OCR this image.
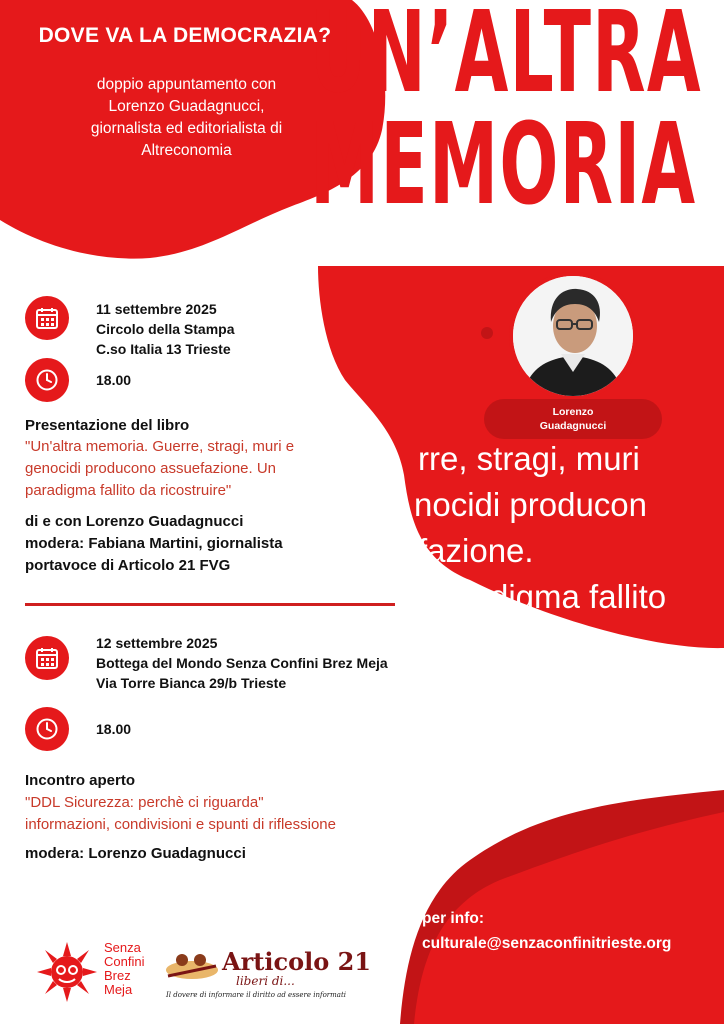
UN’ALTRA
MEMORIA
rre, stragi, muri
nocidi producon
fazione.
digma fallito
DOVE VA LA DEMOCRAZIA?
doppio appuntamento con
Lorenzo Guadagnucci,
giornalista ed editorialista di
Altreconomia
Lorenzo
Guadagnucci
11 settembre 2025
Circolo della Stampa
C.so Italia 13 Trieste
18.00
Presentazione del libro
"Un'altra memoria. Guerre, stragi, muri e
genocidi producono assuefazione. Un
paradigma fallito da ricostruire"
di e con Lorenzo Guadagnucci
modera: Fabiana Martini, giornalista
portavoce di Articolo 21 FVG
12 settembre 2025
Bottega del Mondo Senza Confini Brez Meja
Via Torre Bianca 29/b Trieste
18.00
Incontro aperto
"DDL Sicurezza: perchè ci riguarda"
informazioni, condivisioni e spunti di riflessione
modera: Lorenzo Guadagnucci
per info:
culturale@senzaconfinitrieste.org
Senza
Confini
Brez
Meja
Articolo 21
liberi di...
Il dovere di informare il diritto ad essere informati
